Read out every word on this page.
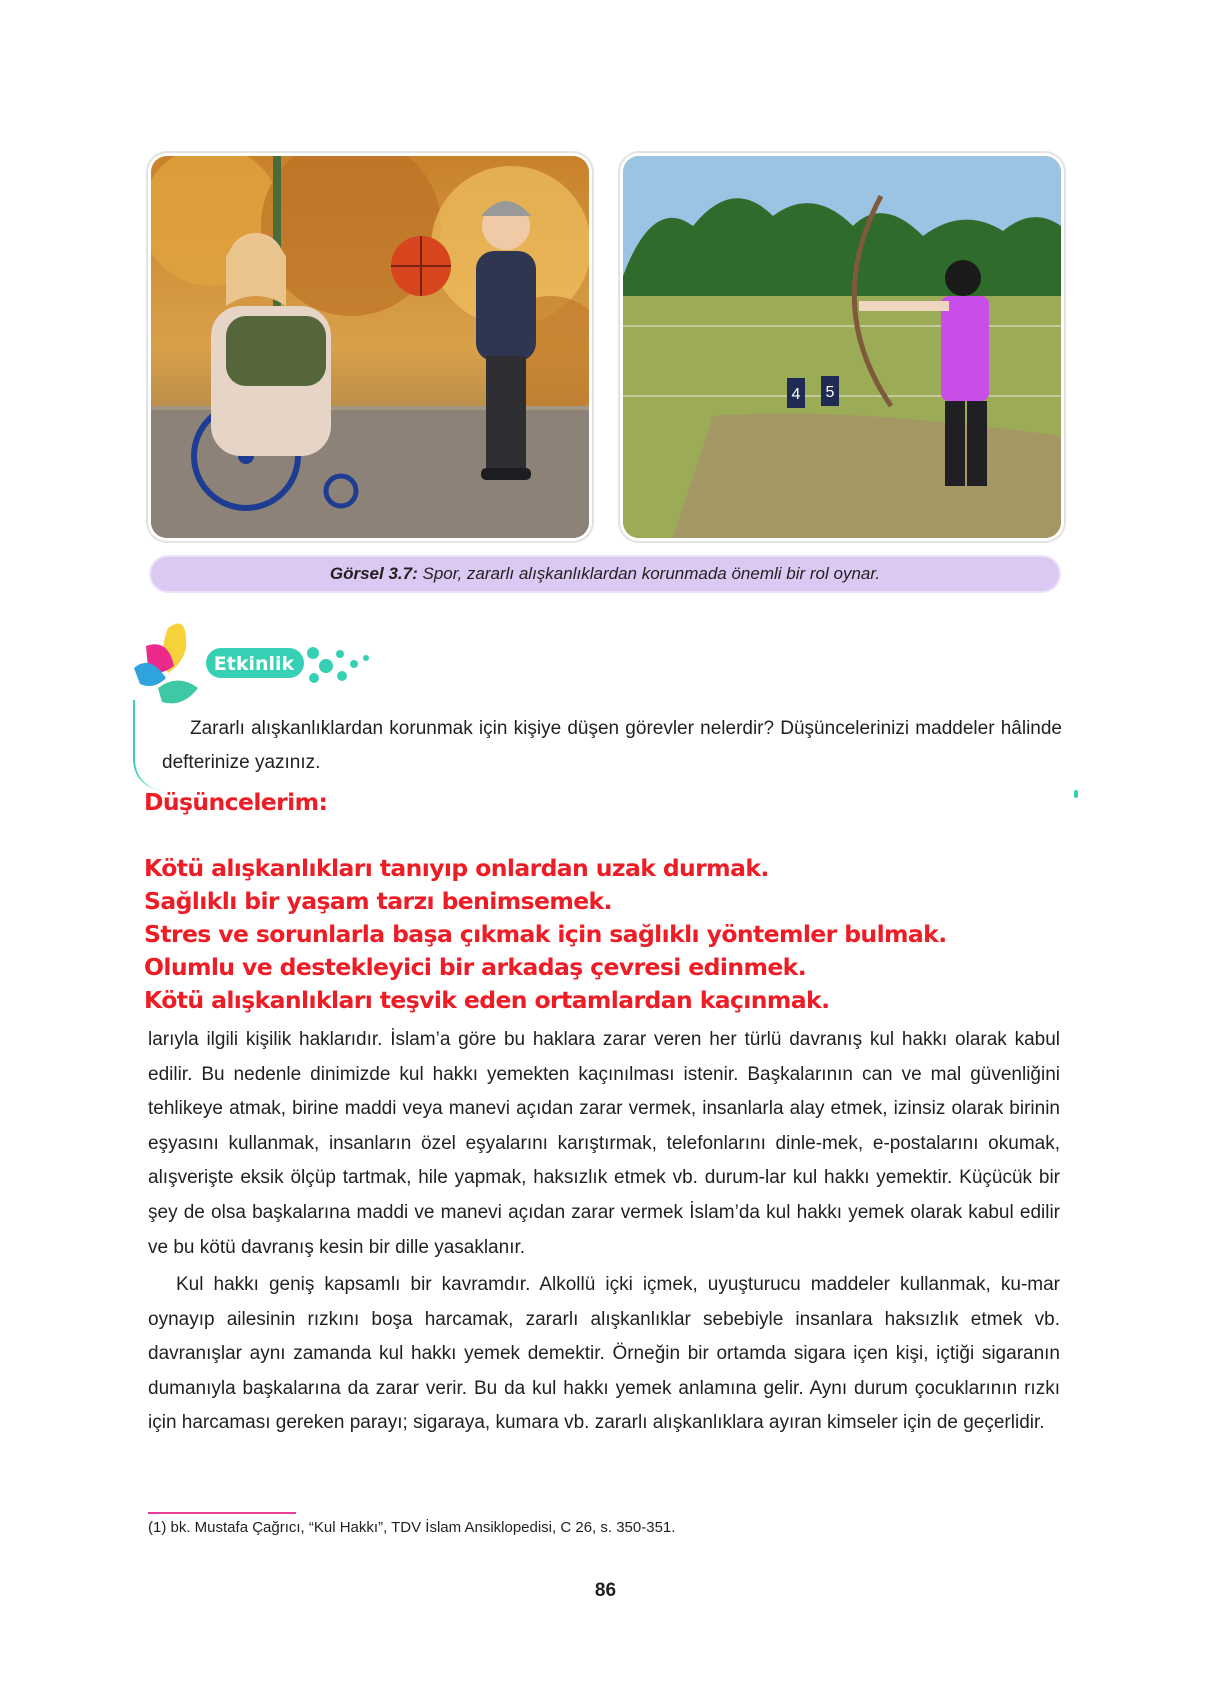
4 5
Görsel 3.7: Spor, zararlı alışkanlıklardan korunmada önemli bir rol oynar.
Etkinlik

Zararlı alışkanlıklardan korunmak için kişiye düşen görevler nelerdir? Düşüncelerinizi maddeler hâlinde defterinize yazınız.

Düşüncelerim:
Kötü alışkanlıkları tanıyıp onlardan uzak durmak.
Sağlıklı bir yaşam tarzı benimsemek.
Stres ve sorunlarla başa çıkmak için sağlıklı yöntemler bulmak.
Olumlu ve destekleyici bir arkadaş çevresi edinmek.
Kötü alışkanlıkları teşvik eden ortamlardan kaçınmak.
larıyla ilgili kişilik haklarıdır. İslam’a göre bu haklara zarar veren her türlü davranış kul hakkı olarak kabul edilir. Bu nedenle dinimizde kul hakkı yemekten kaçınılması istenir. Başkalarının can ve mal güvenliğini tehlikeye atmak, birine maddi veya manevi açıdan zarar vermek, insanlarla alay etmek, izinsiz olarak birinin eşyasını kullanmak, insanların özel eşyalarını karıştırmak, telefonlarını dinle-mek, e-postalarını okumak, alışverişte eksik ölçüp tartmak, hile yapmak, haksızlık etmek vb. durum-lar kul hakkı yemektir. Küçücük bir şey de olsa başkalarına maddi ve manevi açıdan zarar vermek İslam’da kul hakkı yemek olarak kabul edilir ve bu kötü davranış kesin bir dille yasaklanır.
Kul hakkı geniş kapsamlı bir kavramdır. Alkollü içki içmek, uyuşturucu maddeler kullanmak, ku-mar oynayıp ailesinin rızkını boşa harcamak, zararlı alışkanlıklar sebebiyle insanlara haksızlık etmek vb. davranışlar aynı zamanda kul hakkı yemek demektir. Örneğin bir ortamda sigara içen kişi, içtiği sigaranın dumanıyla başkalarına da zarar verir. Bu da kul hakkı yemek anlamına gelir. Aynı durum çocuklarının rızkı için harcaması gereken parayı; sigaraya, kumara vb. zararlı alışkanlıklara ayıran kimseler için de geçerlidir.
(1) bk. Mustafa Çağrıcı, “Kul Hakkı”, TDV İslam Ansiklopedisi, C 26, s. 350-351.
86
